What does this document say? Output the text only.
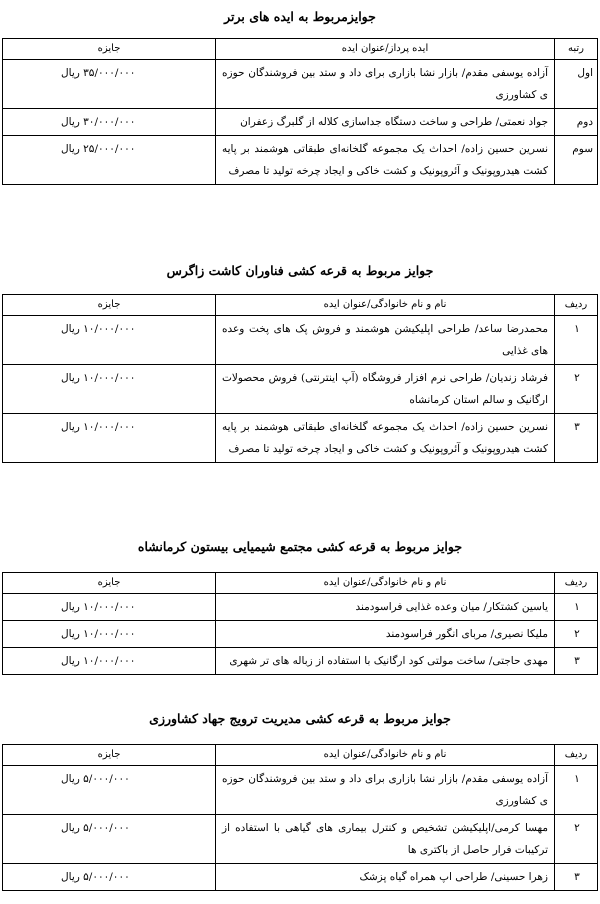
جوایزمربوط به ایده های برتر
رتبه	ایده پرداز/عنوان ایده	جایزه
اول	آزاده یوسفی مقدم/ بازار نشا بازاری برای داد و ستد بین فروشندگان حوزه ی کشاورزی	۳۵/۰۰۰/۰۰۰ ریال
دوم	جواد نعمتی/ طراحی و ساخت دستگاه جداسازی کلاله از گلبرگ زعفران	۳۰/۰۰۰/۰۰۰ ریال
سوم	نسرین حسین زاده/ احداث یک مجموعه گلخانه‌ای طبقاتی هوشمند بر پایه کشت هیدروپونیک و آئروپونیک و کشت خاکی و ایجاد چرخه تولید تا مصرف	۲۵/۰۰۰/۰۰۰ ریال
جوایز مربوط به قرعه کشی فناوران کاشت زاگرس
ردیف	نام و نام خانوادگی/عنوان ایده	جایزه
۱	محمدرضا ساعد/ طراحی اپلیکیشن هوشمند و فروش پک های پخت وعده های غذایی	۱۰/۰۰۰/۰۰۰ ریال
۲	فرشاد زندیان/ طراحی نرم افزار فروشگاه (آپ اینترنتی) فروش محصولات ارگانیک و سالم استان کرمانشاه	۱۰/۰۰۰/۰۰۰ ریال
۳	نسرین حسین زاده/ احداث یک مجموعه گلخانه‌ای طبقاتی هوشمند بر پایه کشت هیدروپونیک و آئروپونیک و کشت خاکی و ایجاد چرخه تولید تا مصرف	۱۰/۰۰۰/۰۰۰ ریال
جوایز مربوط به قرعه کشی مجتمع شیمیایی بیستون کرمانشاه
ردیف	نام و نام خانوادگی/عنوان ایده	جایزه
۱	یاسین کشتکار/ میان وعده غذایی فراسودمند	۱۰/۰۰۰/۰۰۰ ریال
۲	ملیکا نصیری/ مربای انگور فراسودمند	۱۰/۰۰۰/۰۰۰ ریال
۳	مهدی حاجتی/ ساخت مولتی کود ارگانیک با استفاده از زباله های تر شهری	۱۰/۰۰۰/۰۰۰ ریال
جوایز مربوط به قرعه کشی مدیریت ترویج جهاد کشاورزی
ردیف	نام و نام خانوادگی/عنوان ایده	جایزه
۱	آزاده یوسفی مقدم/ بازار نشا بازاری برای داد و ستد بین فروشندگان حوزه ی کشاورزی	۵/۰۰۰/۰۰۰ ریال
۲	مهسا کرمی/اپلیکیشن تشخیص و کنترل بیماری های گیاهی با استفاده از ترکیبات فرار حاصل از باکتری ها	۵/۰۰۰/۰۰۰ ریال
۳	زهرا حسینی/ طراحی اپ همراه گیاه پزشک	۵/۰۰۰/۰۰۰ ریال
